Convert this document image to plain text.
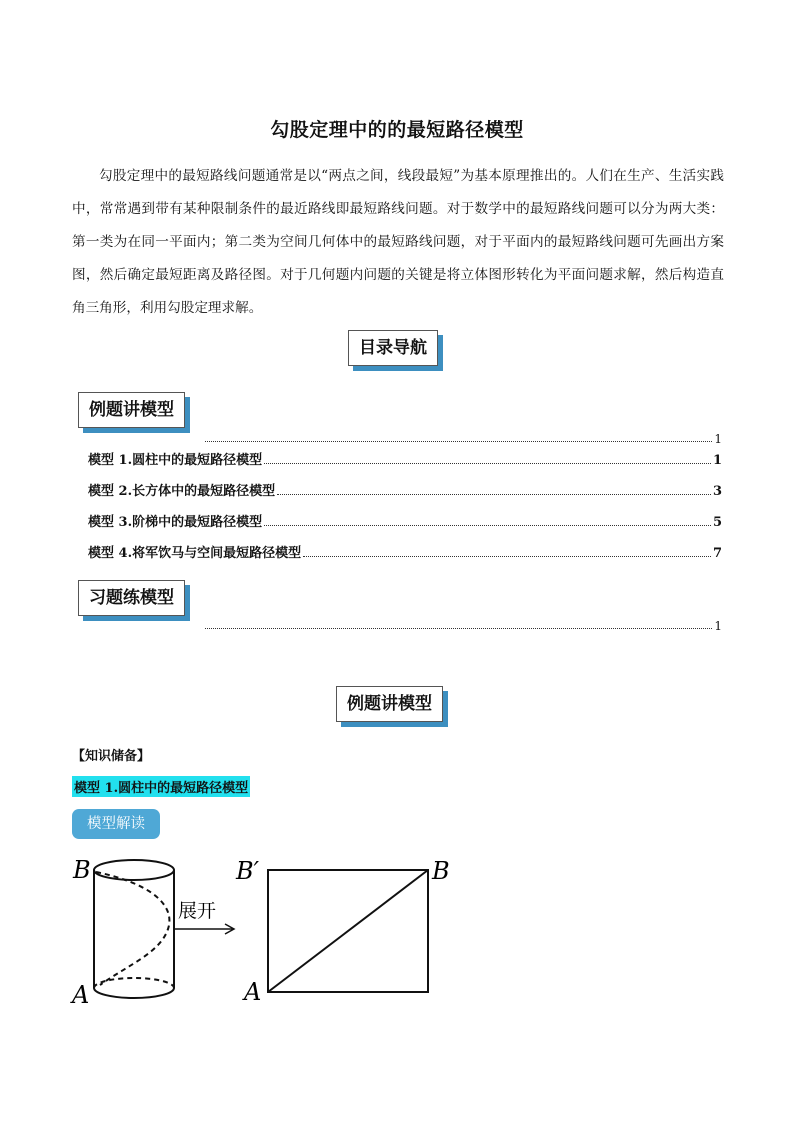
勾股定理中的的最短路径模型
勾股定理中的最短路线问题通常是以“两点之间，线段最短”为基本原理推出的。人们在生产、生活实践中，常常遇到带有某种限制条件的最近路线即最短路线问题。对于数学中的最短路线问题可以分为两大类：第一类为在同一平面内；第二类为空间几何体中的最短路线问题，对于平面内的最短路线问题可先画出方案图，然后确定最短距离及路径图。对于几何题内问题的关键是将立体图形转化为平面问题求解，然后构造直角三角形，利用勾股定理求解。
目录导航
例题讲模型
1
模型 1.圆柱中的最短路径模型	1
模型 2.长方体中的最短路径模型	3
模型 3.阶梯中的最短路径模型	5
模型 4.将军饮马与空间最短路径模型	7
习题练模型
1
例题讲模型
【知识储备】
模型 1.圆柱中的最短路径模型
模型解读
B
A
展开
B′	B
A
